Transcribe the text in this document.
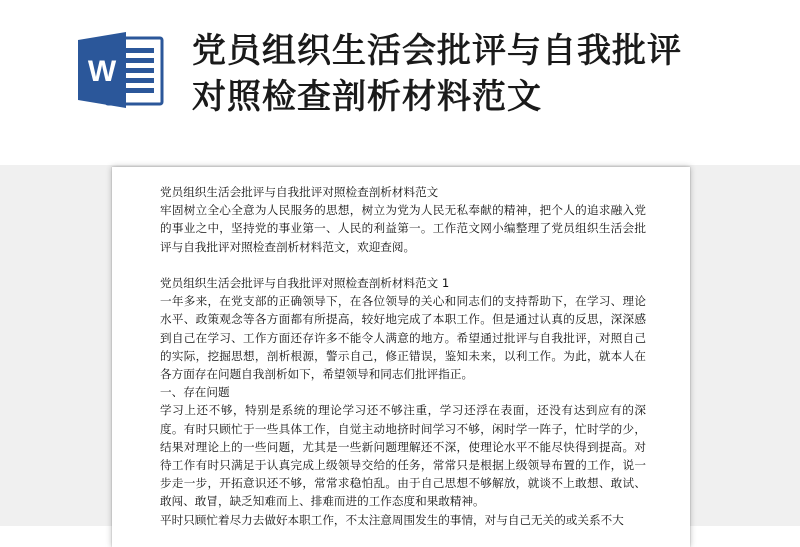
W
党员组织生活会批评与自我批评
对照检查剖析材料范文

党员组织生活会批评与自我批评对照检查剖析材料范文

牢固树立全心全意为人民服务的思想，树立为党为人民无私奉献的精神，把个人的追求融入党的事业之中，坚持党的事业第一、人民的利益第一。工作范文网小编整理了党员组织生活会批评与自我批评对照检查剖析材料范文，欢迎查阅。

党员组织生活会批评与自我批评对照检查剖析材料范文 1

一年多来，在党支部的正确领导下，在各位领导的关心和同志们的支持帮助下，在学习、理论水平、政策观念等各方面都有所提高，较好地完成了本职工作。但是通过认真的反思，深深感到自己在学习、工作方面还存许多不能令人满意的地方。希望通过批评与自我批评，对照自己的实际，挖掘思想，剖析根源，警示自己，修正错误，鉴知未来，以利工作。为此，就本人在各方面存在问题自我剖析如下，希望领导和同志们批评指正。

一、存在问题

学习上还不够，特别是系统的理论学习还不够注重，学习还浮在表面，还没有达到应有的深度。有时只顾忙于一些具体工作，自觉主动地挤时间学习不够，闲时学一阵子，忙时学的少，结果对理论上的一些问题，尤其是一些新问题理解还不深，使理论水平不能尽快得到提高。对待工作有时只满足于认真完成上级领导交给的任务，常常只是根据上级领导布置的工作，说一步走一步，开拓意识还不够，常常求稳怕乱。由于自己思想不够解放，就谈不上敢想、敢试、敢闯、敢冒，缺乏知难而上、排难而进的工作态度和果敢精神。

平时只顾忙着尽力去做好本职工作，不太注意周围发生的事情，对与自己无关的或关系不大
